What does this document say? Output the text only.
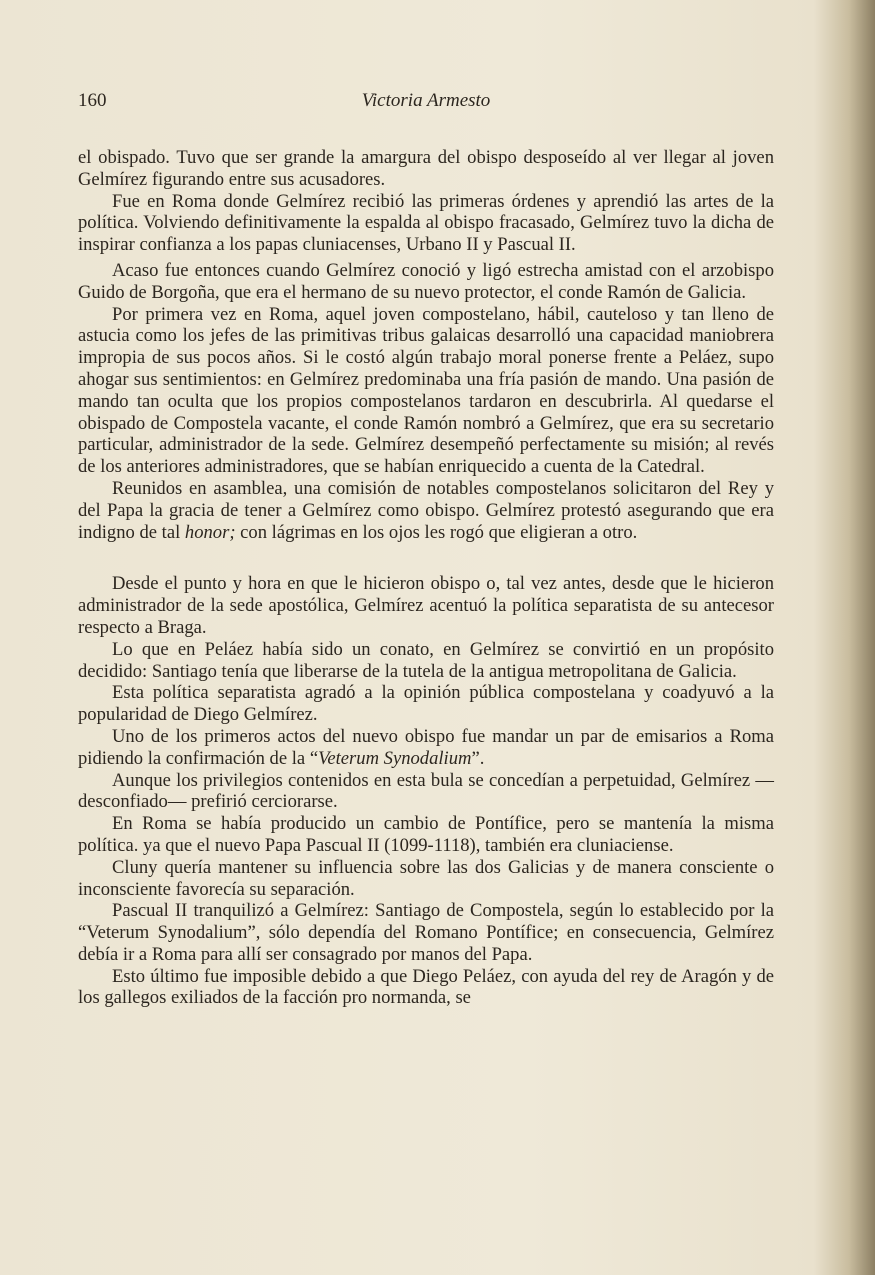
160	Victoria Armesto

el obispado. Tuvo que ser grande la amargura del obispo desposeído al ver llegar al joven Gelmírez figurando entre sus acusadores.

Fue en Roma donde Gelmírez recibió las primeras órdenes y aprendió las artes de la política. Volviendo definitivamente la espalda al obispo fracasado, Gelmírez tuvo la dicha de inspirar confianza a los papas cluniacenses, Urbano II y Pascual II.

Acaso fue entonces cuando Gelmírez conoció y ligó estrecha amistad con el arzobispo Guido de Borgoña, que era el hermano de su nuevo protector, el conde Ramón de Galicia.

Por primera vez en Roma, aquel joven compostelano, hábil, cauteloso y tan lleno de astucia como los jefes de las primitivas tribus galaicas desarrolló una capacidad maniobrera impropia de sus pocos años. Si le costó algún trabajo moral ponerse frente a Peláez, supo ahogar sus sentimientos: en Gelmírez predominaba una fría pasión de mando. Una pasión de mando tan oculta que los propios compostelanos tardaron en descubrirla. Al quedarse el obispado de Compostela vacante, el conde Ramón nombró a Gelmírez, que era su secretario particular, administrador de la sede. Gelmírez desempeñó perfectamente su misión; al revés de los anteriores administradores, que se habían enriquecido a cuenta de la Catedral.

Reunidos en asamblea, una comisión de notables compostelanos solicitaron del Rey y del Papa la gracia de tener a Gelmírez como obispo. Gelmírez protestó asegurando que era indigno de tal honor; con lágrimas en los ojos les rogó que eligieran a otro.

Desde el punto y hora en que le hicieron obispo o, tal vez antes, desde que le hicieron administrador de la sede apostólica, Gelmírez acentuó la política separatista de su antecesor respecto a Braga.

Lo que en Peláez había sido un conato, en Gelmírez se convirtió en un propósito decidido: Santiago tenía que liberarse de la tutela de la antigua metropolitana de Galicia.

Esta política separatista agradó a la opinión pública compostelana y coadyuvó a la popularidad de Diego Gelmírez.

Uno de los primeros actos del nuevo obispo fue mandar un par de emisarios a Roma pidiendo la confirmación de la “Veterum Synodalium”.

Aunque los privilegios contenidos en esta bula se concedían a perpetuidad, Gelmírez —desconfiado— prefirió cerciorarse.

En Roma se había producido un cambio de Pontífice, pero se mantenía la misma política. ya que el nuevo Papa Pascual II (1099-1118), también era cluniaciense.

Cluny quería mantener su influencia sobre las dos Galicias y de manera consciente o inconsciente favorecía su separación.

Pascual II tranquilizó a Gelmírez: Santiago de Compostela, según lo establecido por la “Veterum Synodalium”, sólo dependía del Romano Pontífice; en consecuencia, Gelmírez debía ir a Roma para allí ser consagrado por manos del Papa.

Esto último fue imposible debido a que Diego Peláez, con ayuda del rey de Aragón y de los gallegos exiliados de la facción pro normanda, se
